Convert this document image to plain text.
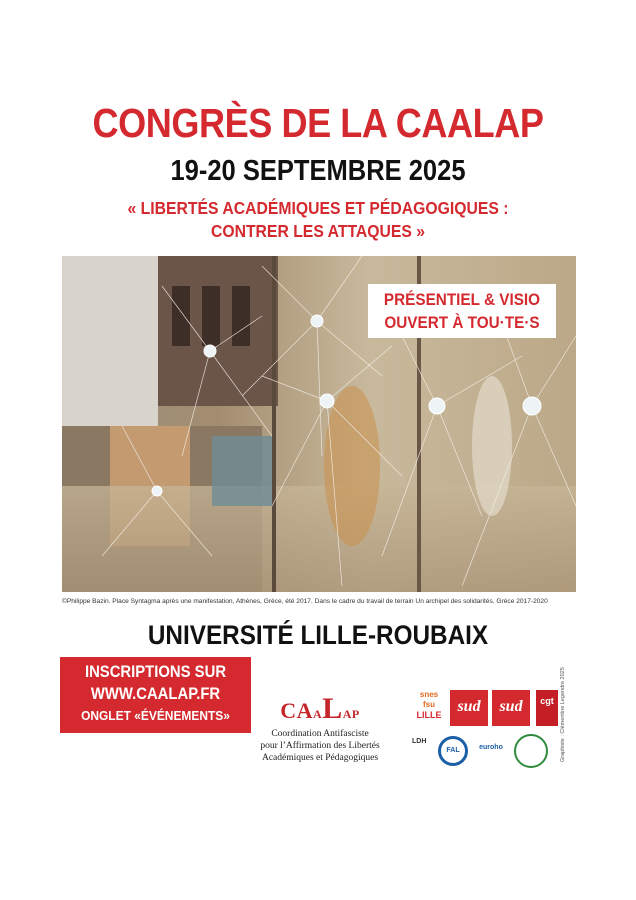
CONGRÈS DE LA CAALAP
19-20 SEPTEMBRE 2025
« LIBERTÉS ACADÉMIQUES ET PÉDAGOGIQUES :
CONTRER LES ATTAQUES »
PRÉSENTIEL & VISIO
OUVERT À TOU·TE·S
©Philippe Bazin. Place Syntagma après une manifestation, Athènes, Grèce, été 2017. Dans le cadre du travail de terrain Un archipel des solidarités. Grèce 2017-2020
UNIVERSITÉ LILLE-ROUBAIX
INSCRIPTIONS SUR
WWW.CAALAP.FR
ONGLET «ÉVÉNEMENTS»	CAALAP
Coordination Antifasciste
pour l’Affirmation des Libertés
Académiques et Pédagogiques
snes
fsu
LILLE sud	sud	cgt
LDH
FAL	euroho	Graphiste : Clémentine Legendre 2025
